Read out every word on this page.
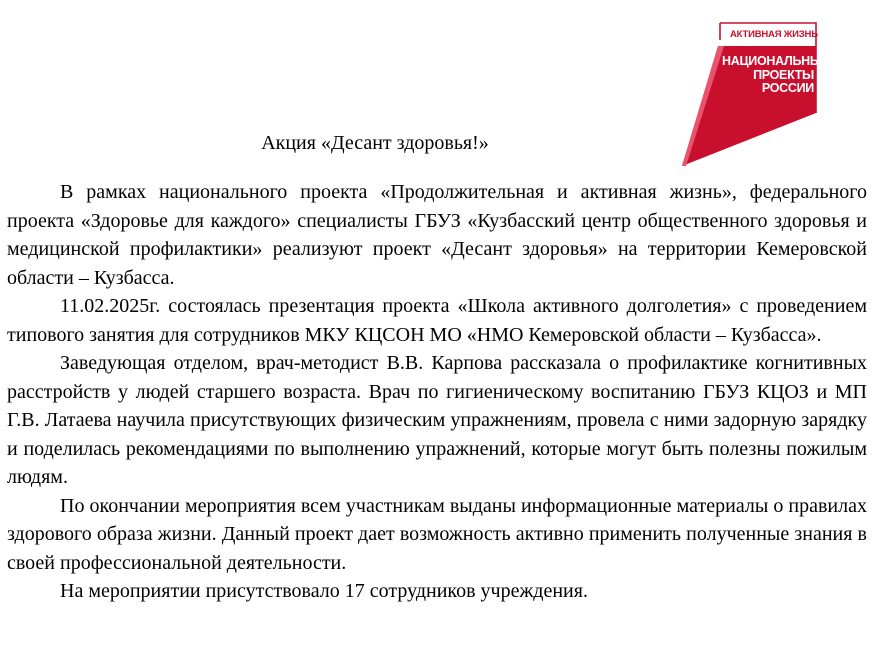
АКТИВНАЯ ЖИЗНЬ
НАЦИОНАЛЬНЫЕ
ПРОЕКТЫ
РОССИИ
Акция «Десант здоровья!»

В рамках национального проекта «Продолжительная и активная жизнь», федерального проекта «Здоровье для каждого» специалисты ГБУЗ «Кузбасский центр общественного здоровья и медицинской профилактики» реализуют проект «Десант здоровья» на территории Кемеровской области – Кузбасса.

11.02.2025г. состоялась презентация проекта «Школа активного долголетия» с проведением типового занятия для сотрудников МКУ КЦСОН МО «НМО Кемеровской области – Кузбасса».

Заведующая отделом, врач-методист В.В. Карпова рассказала о профилактике когнитивных расстройств у людей старшего возраста. Врач по гигиеническому воспитанию ГБУЗ КЦОЗ и МП Г.В. Латаева научила присутствующих физическим упражнениям, провела с ними задорную зарядку и поделилась рекомендациями по выполнению упражнений, которые могут быть полезны пожилым людям.

По окончании мероприятия всем участникам выданы информационные материалы о правилах здорового образа жизни. Данный проект дает возможность активно применить полученные знания в своей профессиональной деятельности.

На мероприятии присутствовало 17 сотрудников учреждения.
